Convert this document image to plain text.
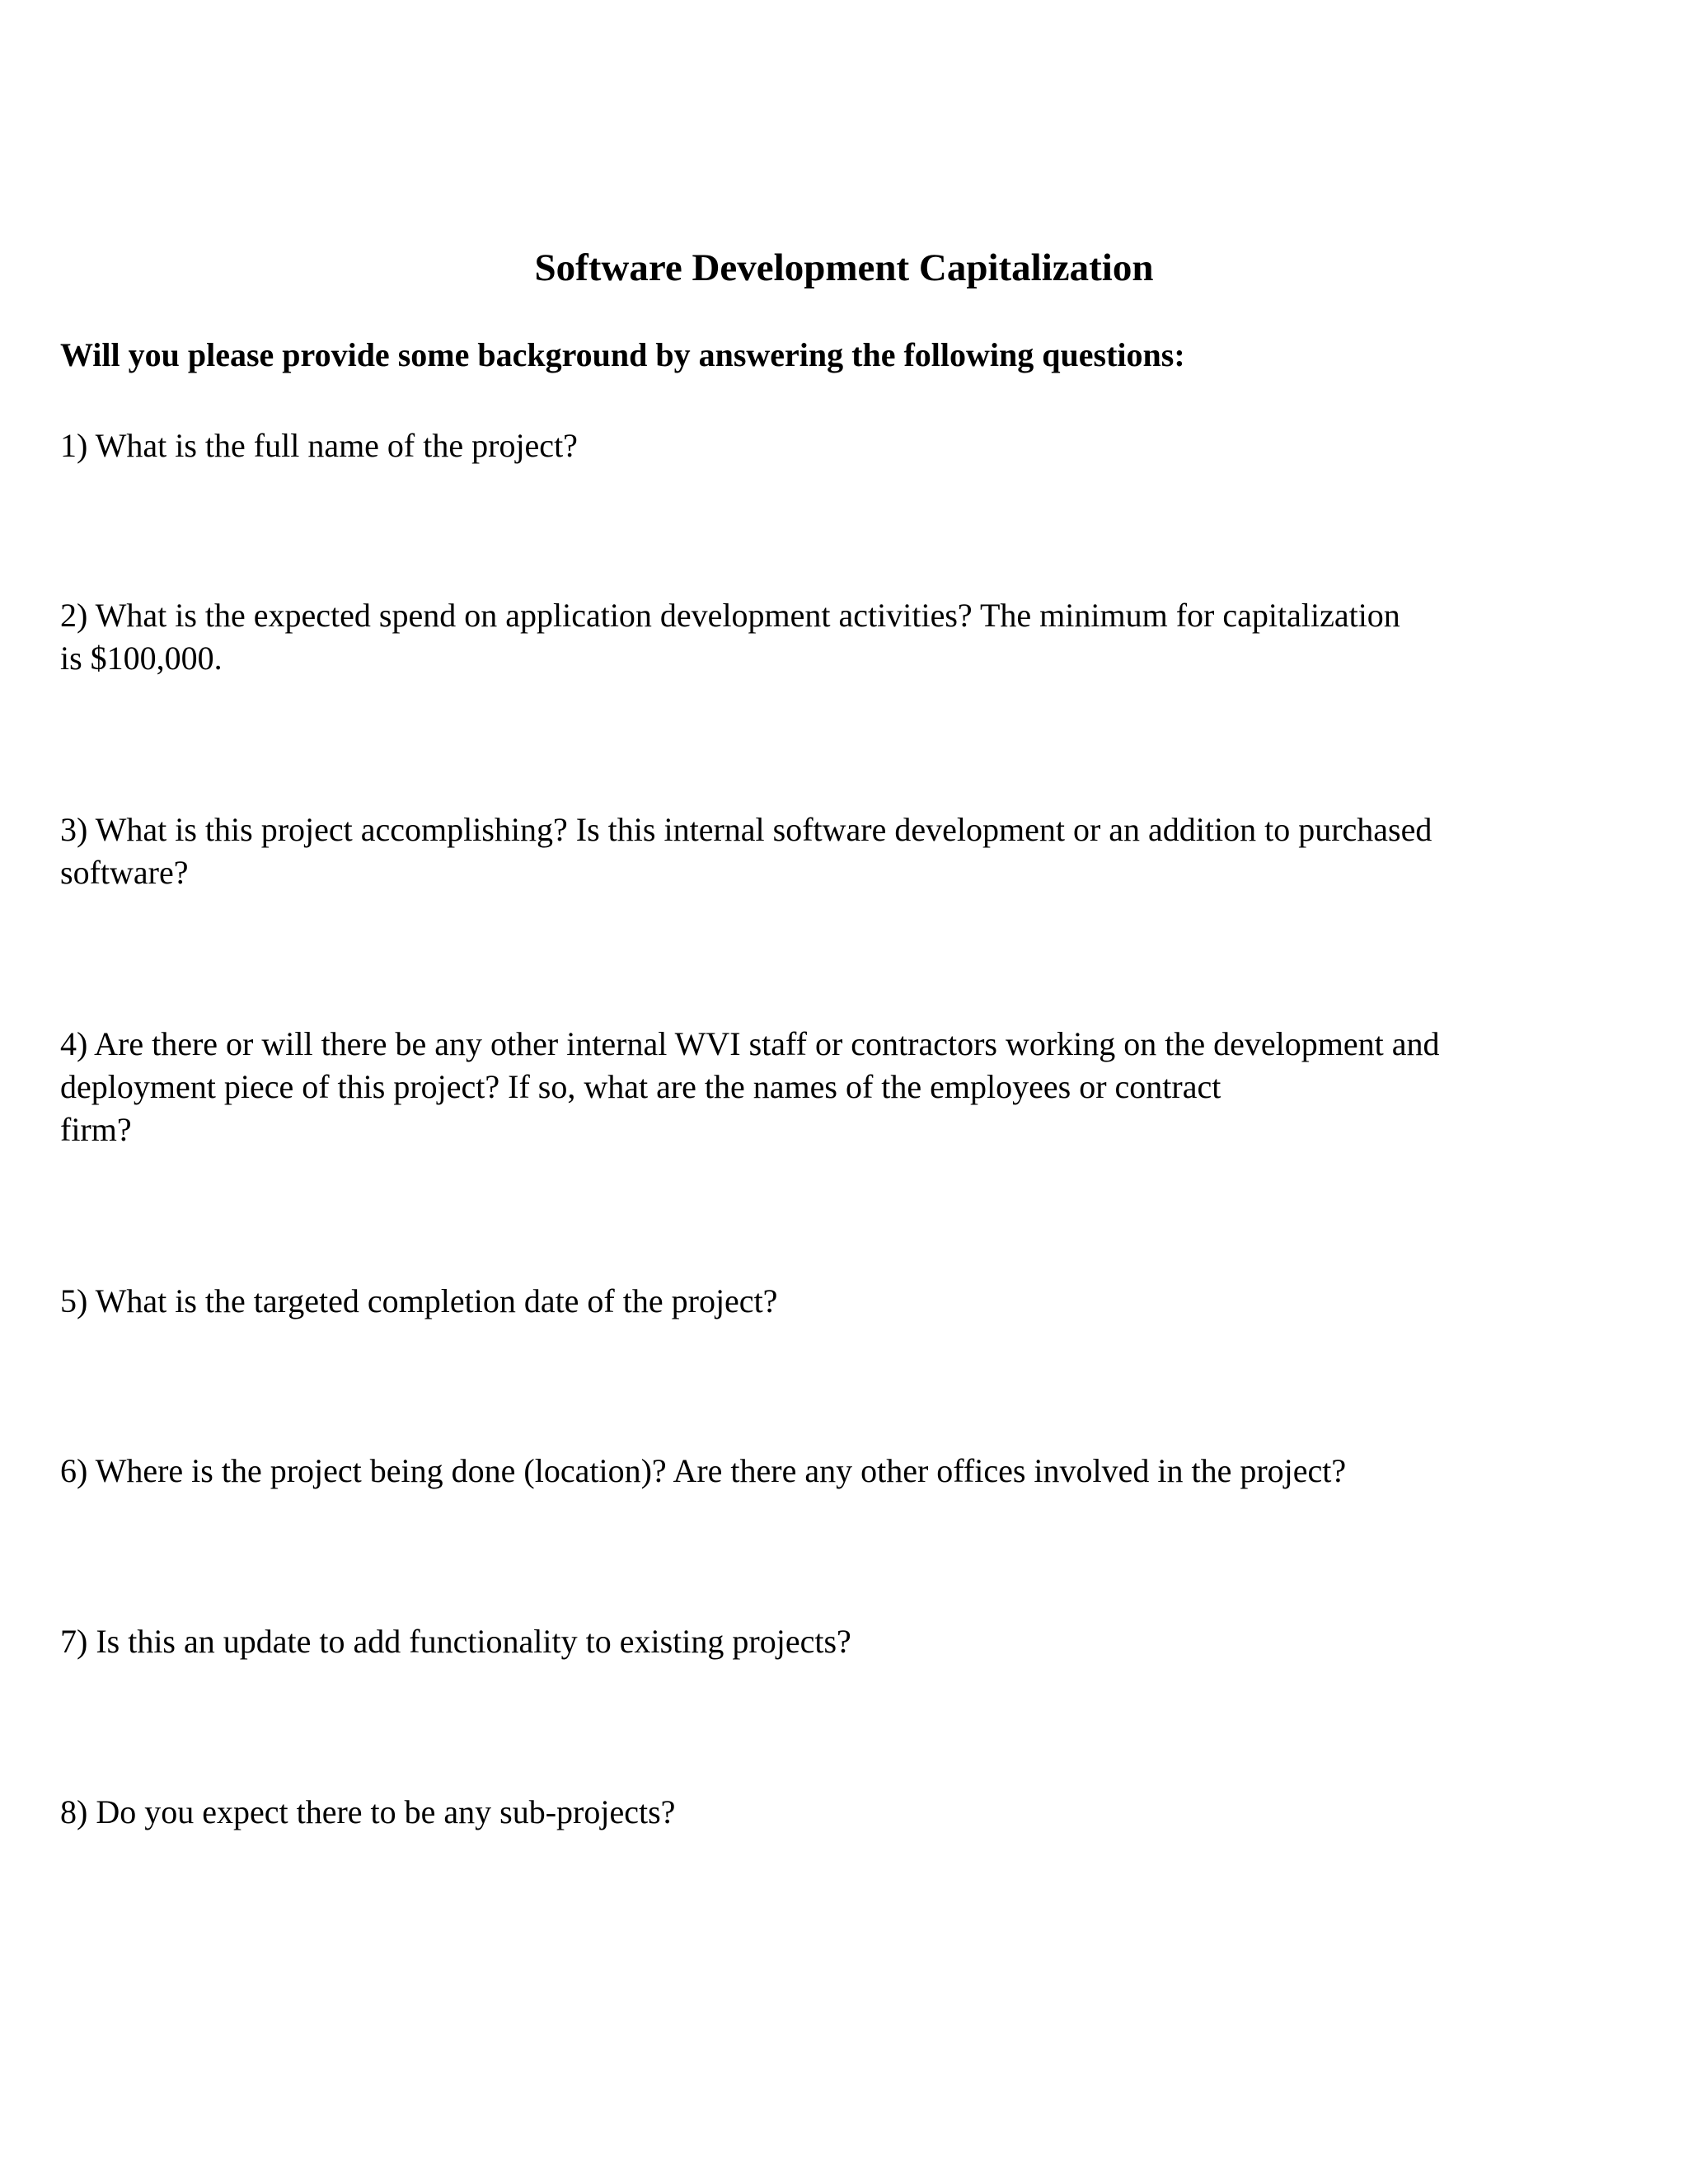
Software Development Capitalization
Will you please provide some background by answering the following questions:
1) What is the full name of the project?
2) What is the expected spend on application development activities? The minimum for capitalization
is $100,000.
3) What is this project accomplishing? Is this internal software development or an addition to purchased
software?
4) Are there or will there be any other internal WVI staff or contractors working on the development and
deployment piece of this project? If so, what are the names of the employees or contract
firm?
5) What is the targeted completion date of the project?
6) Where is the project being done (location)? Are there any other offices involved in the project?
7) Is this an update to add functionality to existing projects?
8) Do you expect there to be any sub-projects?
